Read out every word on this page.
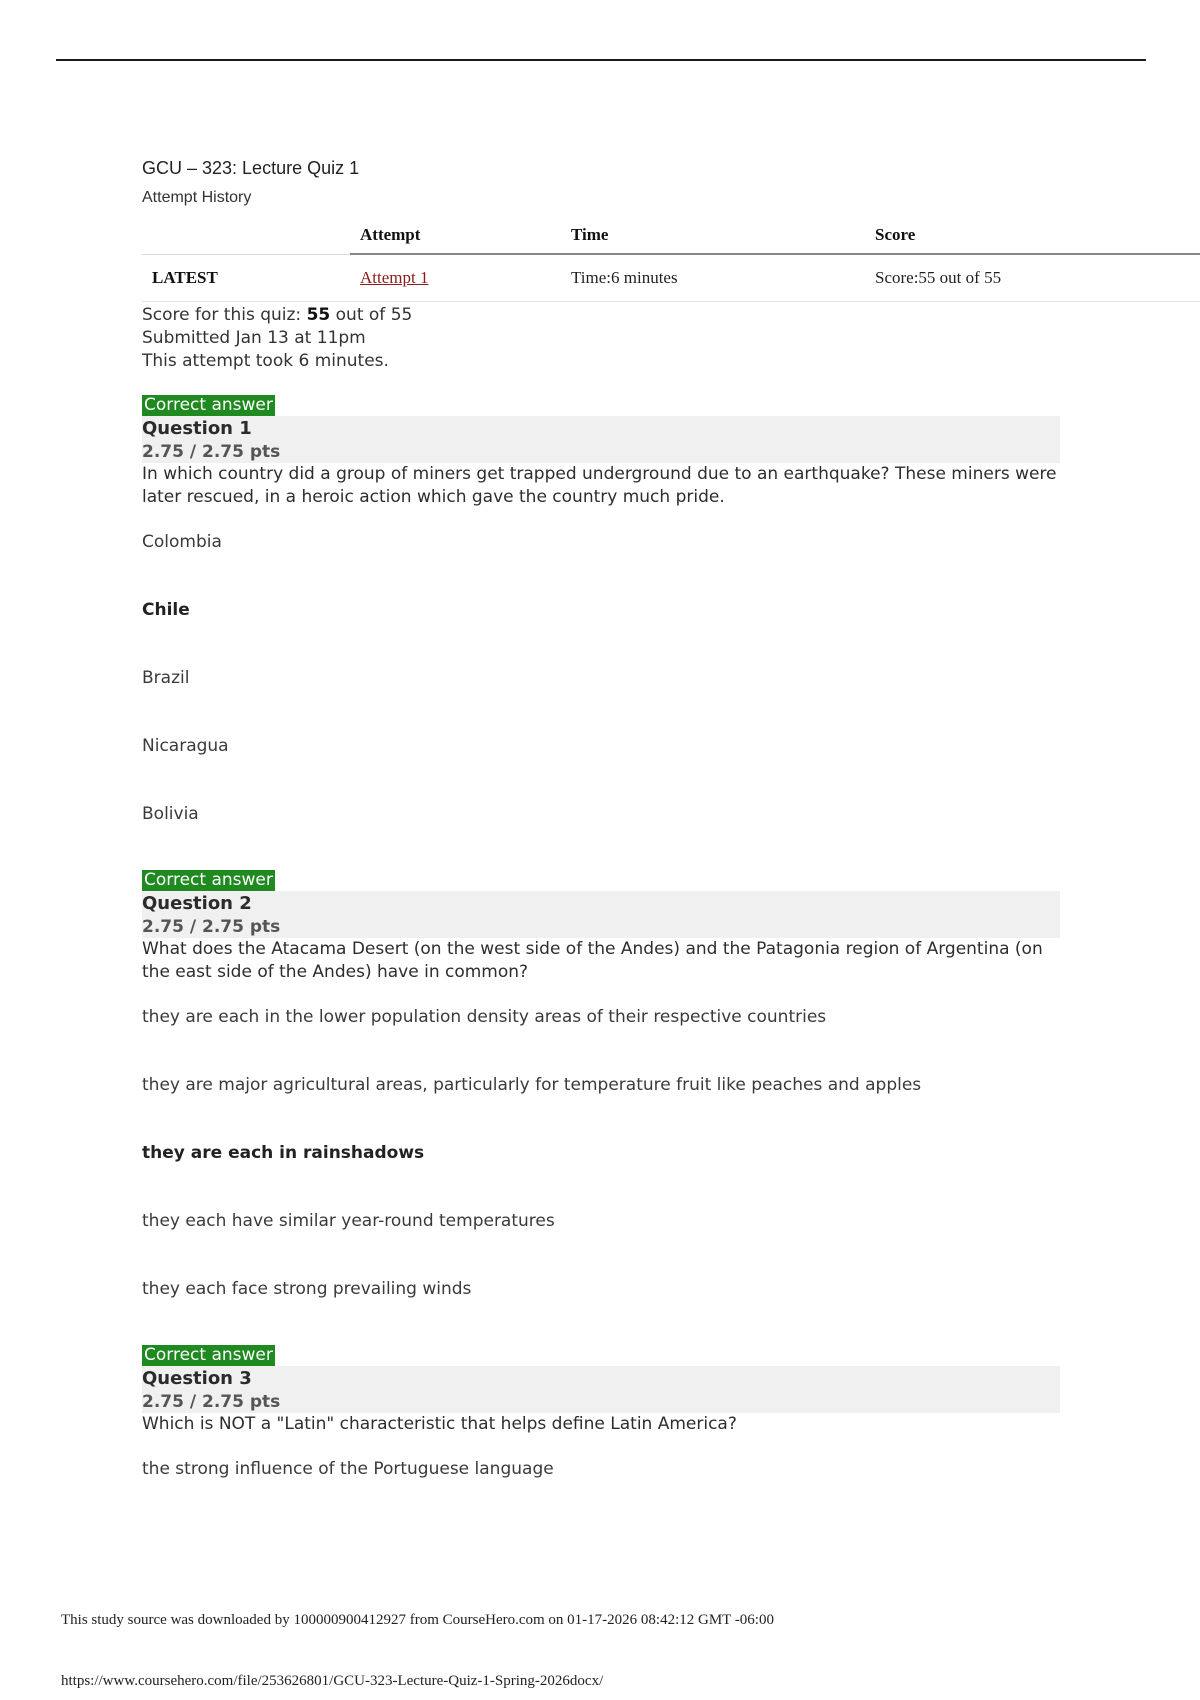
GCU – 323: Lecture Quiz 1
Attempt History
	Attempt	Time	Score
LATEST	Attempt 1	Time:6 minutes	Score:55 out of 55
Score for this quiz: 55 out of 55
Submitted Jan 13 at 11pm
This attempt took 6 minutes.
Correct answer
Question 1
2.75 / 2.75 pts
In which country did a group of miners get trapped underground due to an earthquake? These miners were later rescued, in a heroic action which gave the country much pride.
Colombia
Chile
Brazil
Nicaragua
Bolivia
Correct answer
Question 2
2.75 / 2.75 pts
What does the Atacama Desert (on the west side of the Andes) and the Patagonia region of Argentina (on the east side of the Andes) have in common?
they are each in the lower population density areas of their respective countries
they are major agricultural areas, particularly for temperature fruit like peaches and apples
they are each in rainshadows
they each have similar year-round temperatures
they each face strong prevailing winds
Correct answer
Question 3
2.75 / 2.75 pts
Which is NOT a "Latin" characteristic that helps define Latin America?
the strong influence of the Portuguese language
This study source was downloaded by 100000900412927 from CourseHero.com on 01-17-2026 08:42:12 GMT -06:00
https://www.coursehero.com/file/253626801/GCU-323-Lecture-Quiz-1-Spring-2026docx/
